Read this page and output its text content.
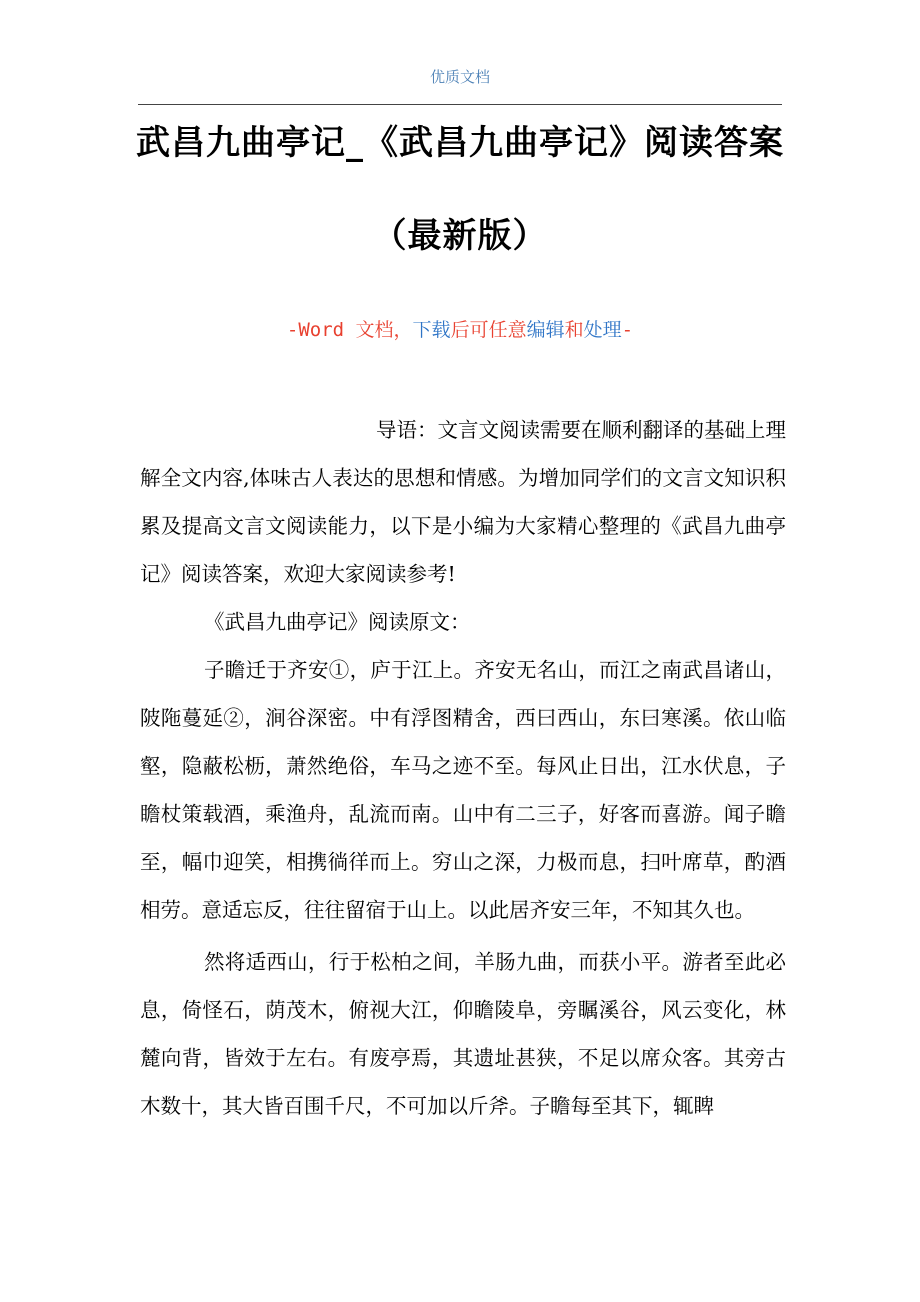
优质文档
武昌九曲亭记_《武昌九曲亭记》阅读答案
（最新版）
-Word 文档，下载后可任意编辑和处理-

导语：文言文阅读需要在顺利翻译的基础上理解全文内容,体味古人表达的思想和情感。为增加同学们的文言文知识积累及提高文言文阅读能力，以下是小编为大家精心整理的《武昌九曲亭记》阅读答案，欢迎大家阅读参考!

《武昌九曲亭记》阅读原文：

子瞻迁于齐安①，庐于江上。齐安无名山，而江之南武昌诸山，陂陁蔓延②，涧谷深密。中有浮图精舍，西曰西山，东曰寒溪。依山临壑，隐蔽松枥，萧然绝俗，车马之迹不至。每风止日出，江水伏息，子瞻杖策载酒，乘渔舟，乱流而南。山中有二三子，好客而喜游。闻子瞻至，幅巾迎笑，相携徜徉而上。穷山之深，力极而息，扫叶席草，酌酒相劳。意适忘反，往往留宿于山上。以此居齐安三年，不知其久也。

然将适西山，行于松柏之间，羊肠九曲，而获小平。游者至此必息，倚怪石，荫茂木，俯视大江，仰瞻陵阜，旁瞩溪谷，风云变化，林麓向背，皆效于左右。有废亭焉，其遗址甚狭，不足以席众客。其旁古木数十，其大皆百围千尺，不可加以斤斧。子瞻每至其下，辄睥
